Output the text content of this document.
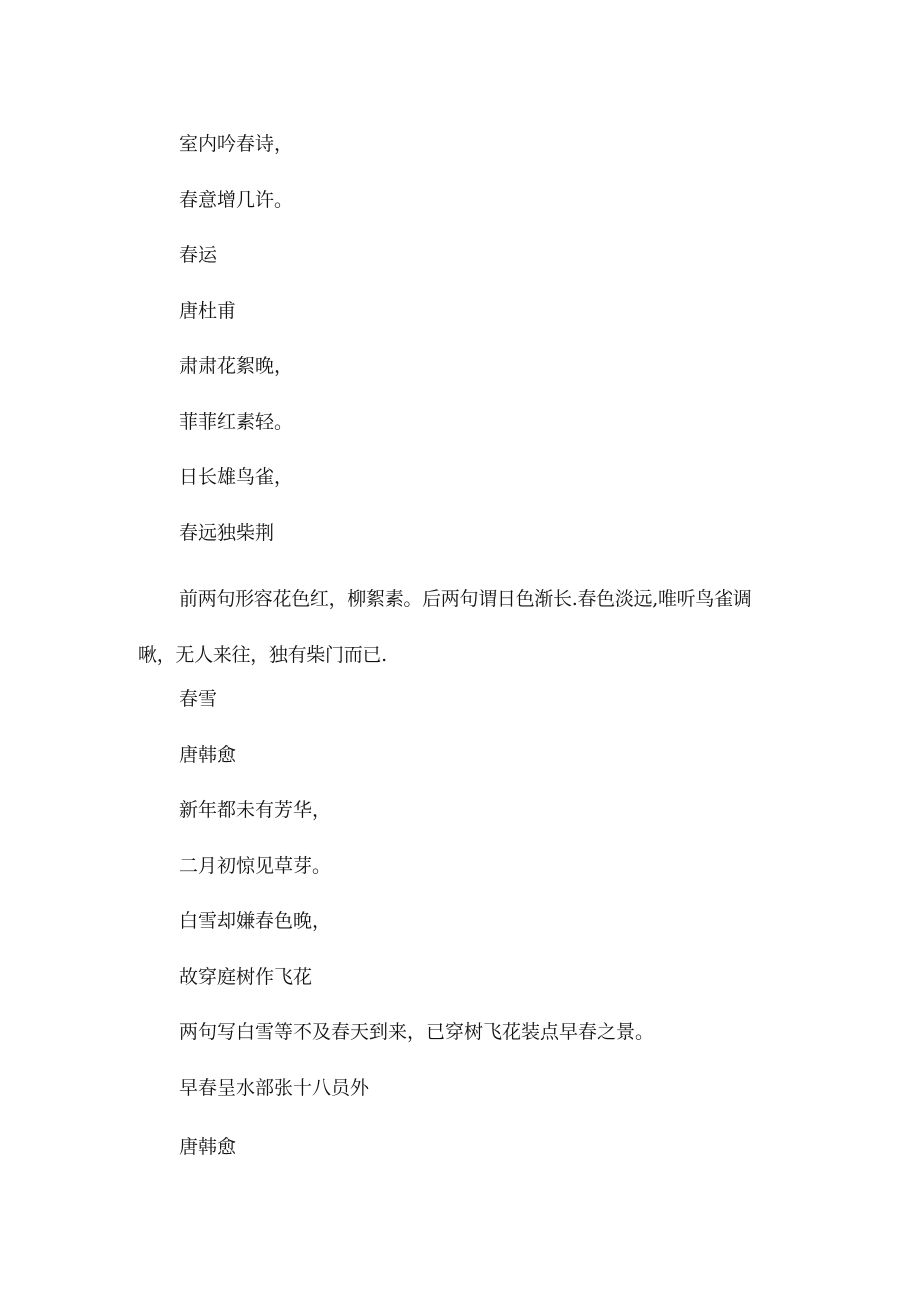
室内吟春诗，

春意增几许。

春运

唐杜甫

肃肃花絮晚，

菲菲红素轻。

日长雄鸟雀，

春远独柴荆

前两句形容花色红，柳絮素。后两句谓日色渐长.春色淡远,唯听鸟雀调啾，无人来往，独有柴门而已.

春雪

唐韩愈

新年都未有芳华，

二月初惊见草芽。

白雪却嫌春色晚，

故穿庭树作飞花

两句写白雪等不及春天到来，已穿树飞花装点早春之景。

早春呈水部张十八员外

唐韩愈
